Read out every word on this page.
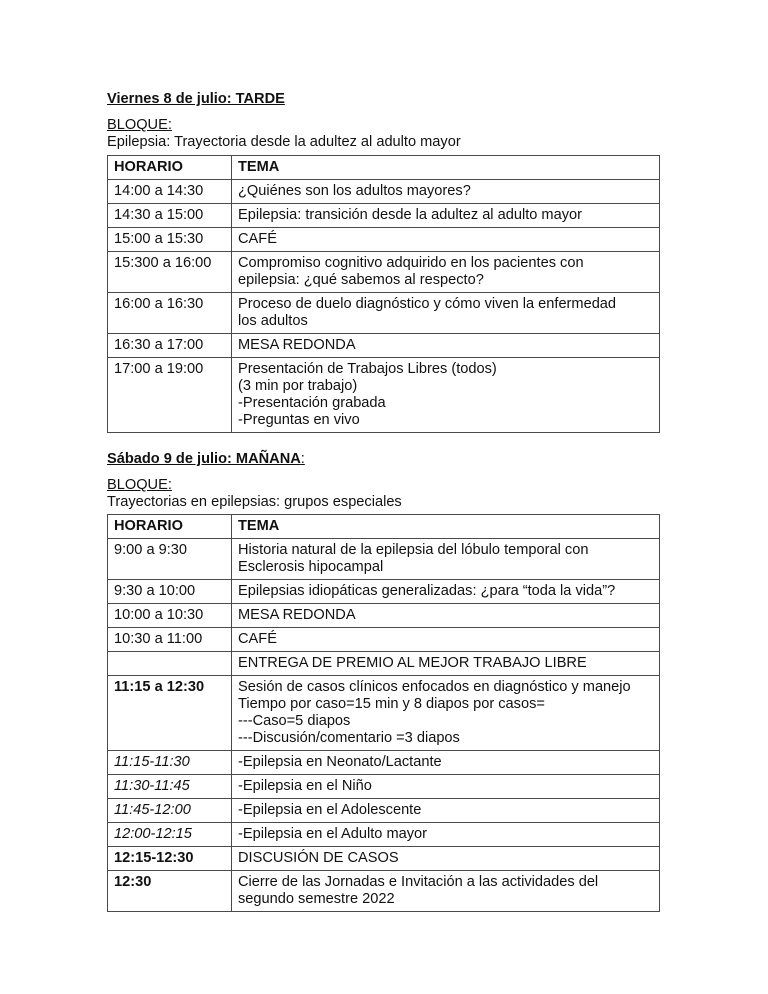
Viernes 8 de julio: TARDE

BLOQUE:

Epilepsia: Trayectoria desde la adultez al adulto mayor

HORARIO	TEMA
14:00 a 14:30	¿Quiénes son los adultos mayores?

14:30 a 15:00	Epilepsia: transición desde la adultez al adulto mayor

15:00 a 15:30	CAFÉ

15:300 a 16:00	Compromiso cognitivo adquirido en los pacientes con
epilepsia: ¿qué sabemos al respecto?

16:00 a 16:30	Proceso de duelo diagnóstico y cómo viven la enfermedad
los adultos

16:30 a 17:00	MESA REDONDA

17:00 a 19:00	Presentación de Trabajos Libres (todos)
(3 min por trabajo)
-Presentación grabada
-Preguntas en vivo

Sábado 9 de julio: MAÑANA:

BLOQUE:

Trayectorias en epilepsias: grupos especiales

HORARIO	TEMA
9:00 a 9:30	Historia natural de la epilepsia del lóbulo temporal con
Esclerosis hipocampal

9:30 a 10:00	Epilepsias idiopáticas generalizadas: ¿para “toda la vida”?

10:00 a 10:30	MESA REDONDA

10:30 a 11:00	CAFÉ

	ENTREGA DE PREMIO AL MEJOR TRABAJO LIBRE

11:15 a 12:30	Sesión de casos clínicos enfocados en diagnóstico y manejo
Tiempo por caso=15 min y 8 diapos por casos=
---Caso=5 diapos
---Discusión/comentario =3 diapos

11:15-11:30	-Epilepsia en Neonato/Lactante

11:30-11:45	-Epilepsia en el Niño

11:45-12:00	-Epilepsia en el Adolescente

12:00-12:15	-Epilepsia en el Adulto mayor

12:15-12:30	DISCUSIÓN DE CASOS

12:30	Cierre de las Jornadas e Invitación a las actividades del
segundo semestre 2022
